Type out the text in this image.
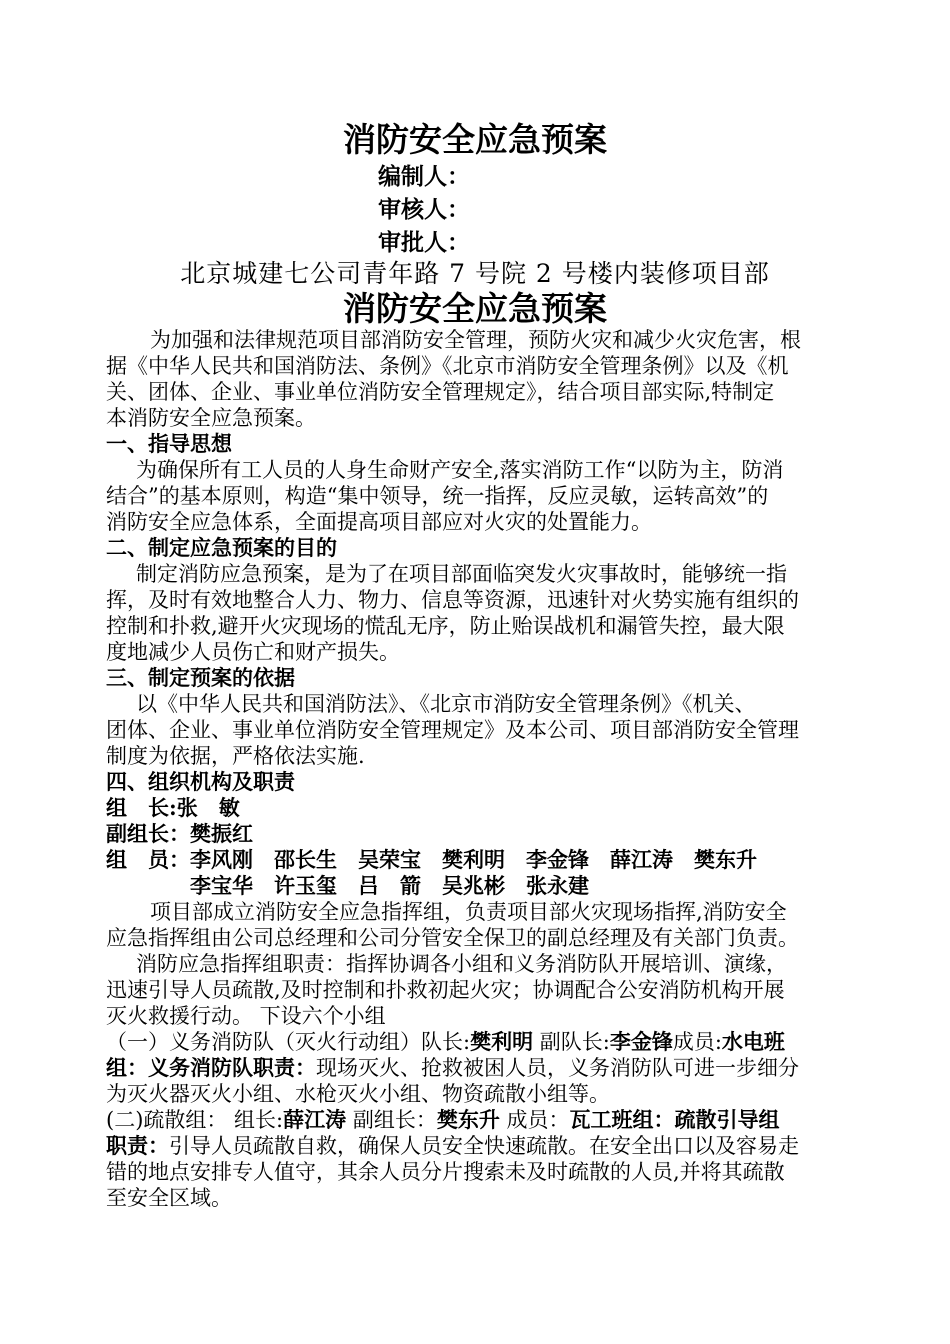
消防安全应急预案
编制人：
审核人：
审批人：
北京城建七公司青年路 7 号院 2 号楼内装修项目部
消防安全应急预案
为加强和法律规范项目部消防安全管理，预防火灾和减少火灾危害，根
据《中华人民共和国消防法、条例》《北京市消防安全管理条例》以及《机
关、团体、企业、事业单位消防安全管理规定》，结合项目部实际,特制定
本消防安全应急预案。
一、指导思想
为确保所有工人员的人身生命财产安全,落实消防工作“以防为主，防消
结合”的基本原则，构造“集中领导，统一指挥，反应灵敏，运转高效”的
消防安全应急体系，全面提高项目部应对火灾的处置能力。
二、制定应急预案的目的
制定消防应急预案，是为了在项目部面临突发火灾事故时，能够统一指
挥，及时有效地整合人力、物力、信息等资源，迅速针对火势实施有组织的
控制和扑救,避开火灾现场的慌乱无序，防止贻误战机和漏管失控，最大限
度地减少人员伤亡和财产损失。
三、制定预案的依据
以《中华人民共和国消防法》、《北京市消防安全管理条例》《机关、
团体、企业、事业单位消防安全管理规定》及本公司、项目部消防安全管理
制度为依据，严格依法实施.
四、组织机构及职责
组　长:张　敏
副组长：樊振红
组　员：李风刚　邵长生　吴荣宝　樊利明　李金锋　薛江涛　樊东升
李宝华　许玉玺　吕　箭　吴兆彬　张永建
项目部成立消防安全应急指挥组，负责项目部火灾现场指挥,消防安全
应急指挥组由公司总经理和公司分管安全保卫的副总经理及有关部门负责。
消防应急指挥组职责：指挥协调各小组和义务消防队开展培训、演缘，
迅速引导人员疏散,及时控制和扑救初起火灾；协调配合公安消防机构开展
灭火救援行动。 下设六个小组
（一）义务消防队（灭火行动组）队长:樊利明 副队长:李金锋成员:水电班
组：义务消防队职责：现场灭火、抢救被困人员，义务消防队可进一步细分
为灭火器灭火小组、水枪灭火小组、物资疏散小组等。
(二)疏散组： 组长:薛江涛 副组长：樊东升 成员：瓦工班组：疏散引导组
职责：引导人员疏散自救，确保人员安全快速疏散。在安全出口以及容易走
错的地点安排专人值守，其余人员分片搜索未及时疏散的人员,并将其疏散
至安全区域。
